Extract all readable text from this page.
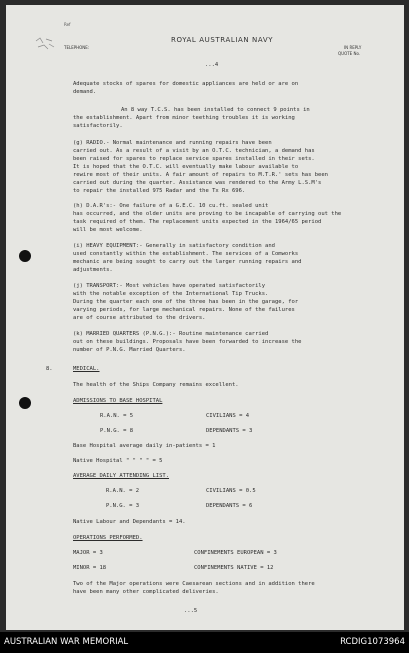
Ref
TELEPHONE:
ROYAL AUSTRALIAN NAVY
IN REPLY
QUOTE No.
...4
Adequate stocks of spares for domestic appliances are held or are on
demand.
An 8 way T.C.S. has been installed to connect 9 points in
the establishment. Apart from minor teething troubles it is working
satisfactorily.
(g) RADIO.- Normal maintenance and running repairs have been
carried out. As a result of a visit by an O.T.C. technician, a demand has
been raised for spares to replace service spares installed in their sets.
It is hoped that the O.T.C. will eventually make labour available to
rewire most of their units. A fair amount of repairs to M.T.R.' sets has been
carried out during the quarter. Assistance was rendered to the Army L.S.M's
to repair the installed 975 Radar and the Tx Rx 696.
(h) D.A.R's:- One failure of a G.E.C. 10 cu.ft. sealed unit
has occurred, and the older units are proving to be incapable of carrying out the
task required of them. The replacement units expected in the 1964/65 period
will be most welcome.
(i) HEAVY EQUIPMENT:- Generally in satisfactory condition and
used constantly within the establishment. The services of a Comworks
mechanic are being sought to carry out the larger running repairs and
adjustments.
(j) TRANSPORT:- Most vehicles have operated satisfactorily
with the notable exception of the International Tip Trucks.
During the quarter each one of the three has been in the garage, for
varying periods, for large mechanical repairs. None of the failures
are of course attributed to the drivers.
(k) MARRIED QUARTERS (P.N.G.):- Routine maintenance carried
out on these buildings. Proposals have been forwarded to increase the
number of P.N.G. Married Quarters.
8.	MEDICAL.
The health of the Ships Company remains excellent.
ADMISSIONS TO BASE HOSPITAL
R.A.N. = 5	CIVILIANS = 4
P.N.G. = 8	DEPENDANTS = 3
Base Hospital average daily in-patients = 1
Native Hospital " " " " = 5
AVERAGE DAILY ATTENDING LIST.
R.A.N. = 2	CIVILIANS = 0.5
P.N.G. = 3	DEPENDANTS = 6
Native Labour and Dependants = 14.
OPERATIONS PERFORMED.
MAJOR = 3	CONFINEMENTS EUROPEAN = 3
MINOR = 18	CONFINEMENTS NATIVE = 12
Two of the Major operations were Caesarean sections and in addition there
have been many other complicated deliveries.
...5
AUSTRALIAN WAR MEMORIAL	RCDIG1073964
